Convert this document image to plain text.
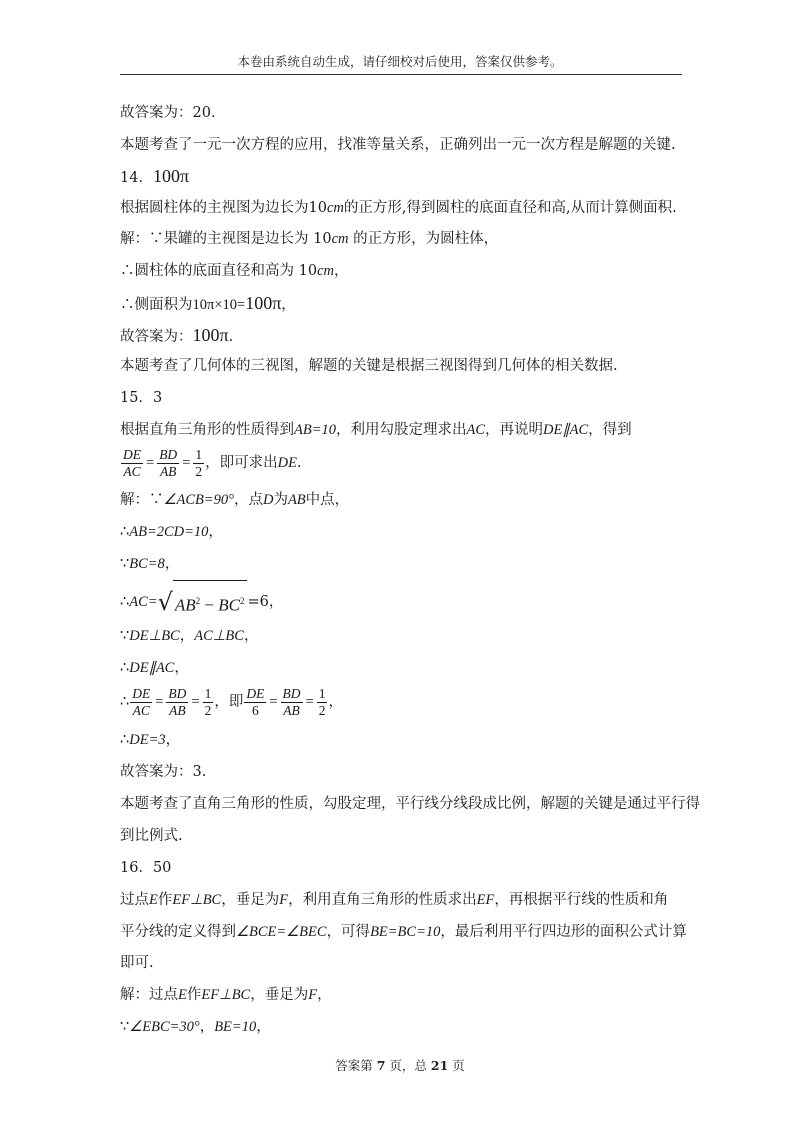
本卷由系统自动生成，请仔细校对后使用，答案仅供参考。
故答案为：20.
本题考查了一元一次方程的应用，找准等量关系，正确列出一元一次方程是解题的关键.
14．100π
根据圆柱体的主视图为边长为10cm的正方形,得到圆柱的底面直径和高,从而计算侧面积.
解：∵果罐的主视图是边长为 10cm 的正方形，为圆柱体，
∴圆柱体的底面直径和高为 10cm，
∴侧面积为10π×10=100π，
故答案为：100π.
本题考查了几何体的三视图，解题的关键是根据三视图得到几何体的相关数据.
15．3
根据直角三角形的性质得到AB=10，利用勾股定理求出AC，再说明DE∥AC，得到
$\frac{DE}{AC} = \frac{BD}{AB} = \frac{1}{2}$ ，即可求出DE.
解：∵∠ACB=90°，点D为AB中点，
∴AB=2CD=10，
∵BC=8，
∴AC=√ $AB^2 - BC^2 =6$，
∵DE⊥BC，AC⊥BC，
∴DE∥AC，
∴ $\frac{DE}{AC} = \frac{BD}{AB} = \frac{1}{2}$ ，即 $\frac{DE}{6} = \frac{BD}{AB} = \frac{1}{2}$ ，
∴DE=3，
故答案为：3.
本题考查了直角三角形的性质，勾股定理，平行线分线段成比例，解题的关键是通过平行得
到比例式.
16．50
过点E作EF⊥BC，垂足为F，利用直角三角形的性质求出EF，再根据平行线的性质和角
平分线的定义得到∠BCE=∠BEC，可得BE=BC=10，最后利用平行四边形的面积公式计算
即可.
解：过点E作EF⊥BC，垂足为F，
∵∠EBC=30°，BE=10，
答案第 7 页，总 21 页
